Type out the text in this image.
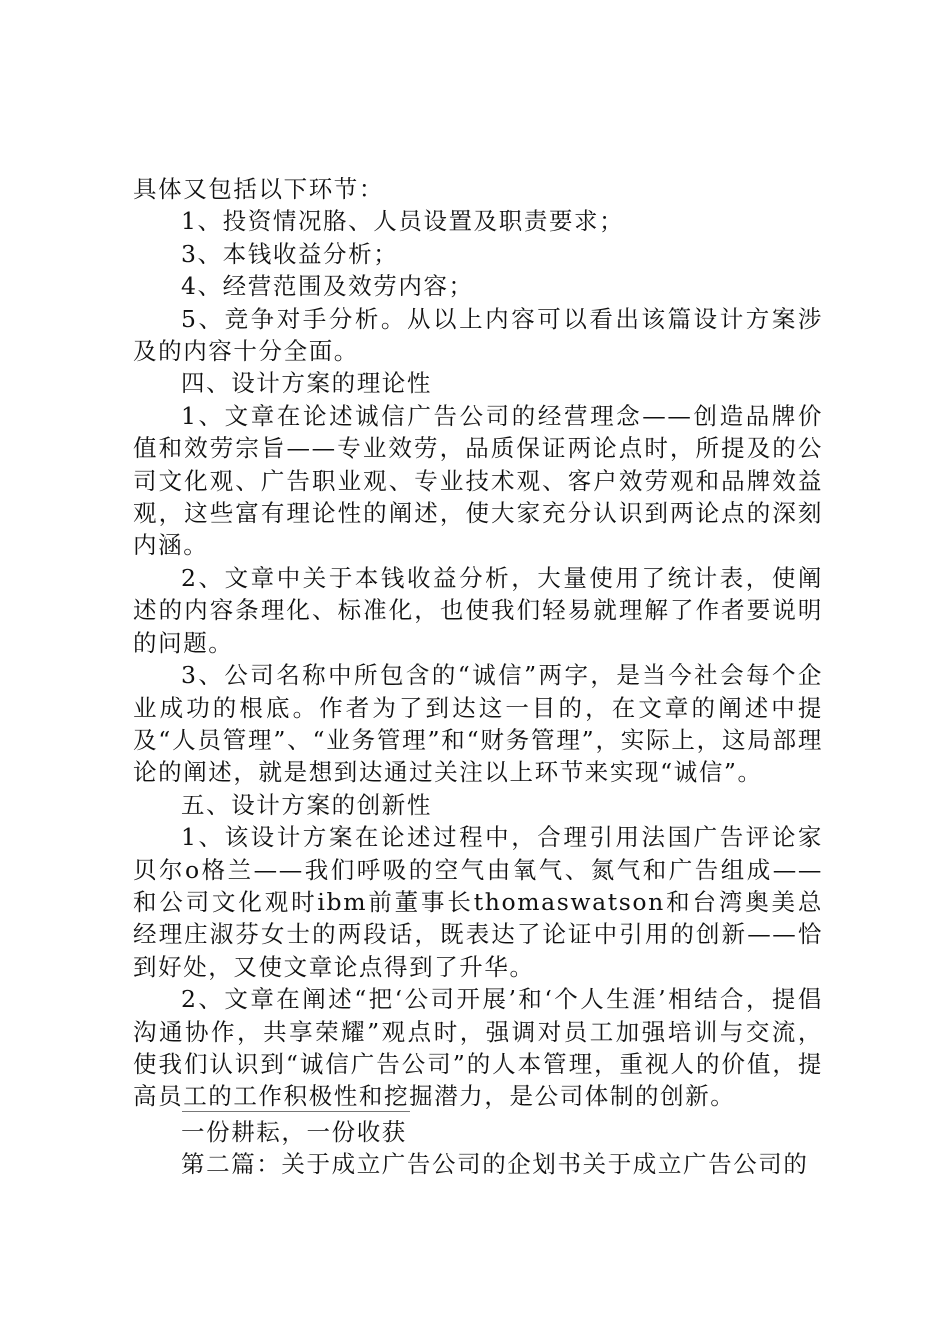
具体又包括以下环节：

1、投资情况胳、人员设置及职责要求；

3、本钱收益分析；

4、经营范围及效劳内容；

5、竞争对手分析。从以上内容可以看出该篇设计方案涉及的内容十分全面。

四、设计方案的理论性

1、文章在论述诚信广告公司的经营理念——创造品牌价值和效劳宗旨——专业效劳，品质保证两论点时，所提及的公司文化观、广告职业观、专业技术观、客户效劳观和品牌效益观，这些富有理论性的阐述，使大家充分认识到两论点的深刻内涵。

2、文章中关于本钱收益分析，大量使用了统计表，使阐述的内容条理化、标准化，也使我们轻易就理解了作者要说明的问题。

3、公司名称中所包含的“诚信”两字，是当今社会每个企业成功的根底。作者为了到达这一目的，在文章的阐述中提及“人员管理”、“业务管理”和“财务管理”，实际上，这局部理论的阐述，就是想到达通过关注以上环节来实现“诚信”。

五、设计方案的创新性

1、该设计方案在论述过程中，合理引用法国广告评论家贝尔o格兰——我们呼吸的空气由氧气、氮气和广告组成——和公司文化观时ibm前董事长thomaswatson和台湾奥美总经理庄淑芬女士的两段话，既表达了论证中引用的创新——恰到好处，又使文章论点得到了升华。

2、文章在阐述“把‘公司开展’和‘个人生涯’相结合，提倡沟通协作，共享荣耀”观点时，强调对员工加强培训与交流，使我们认识到“诚信广告公司”的人本管理，重视人的价值，提高员工的工作积极性和挖掘潜力，是公司体制的创新。

一份耕耘，一份收获

第二篇：关于成立广告公司的企划书关于成立广告公司的
